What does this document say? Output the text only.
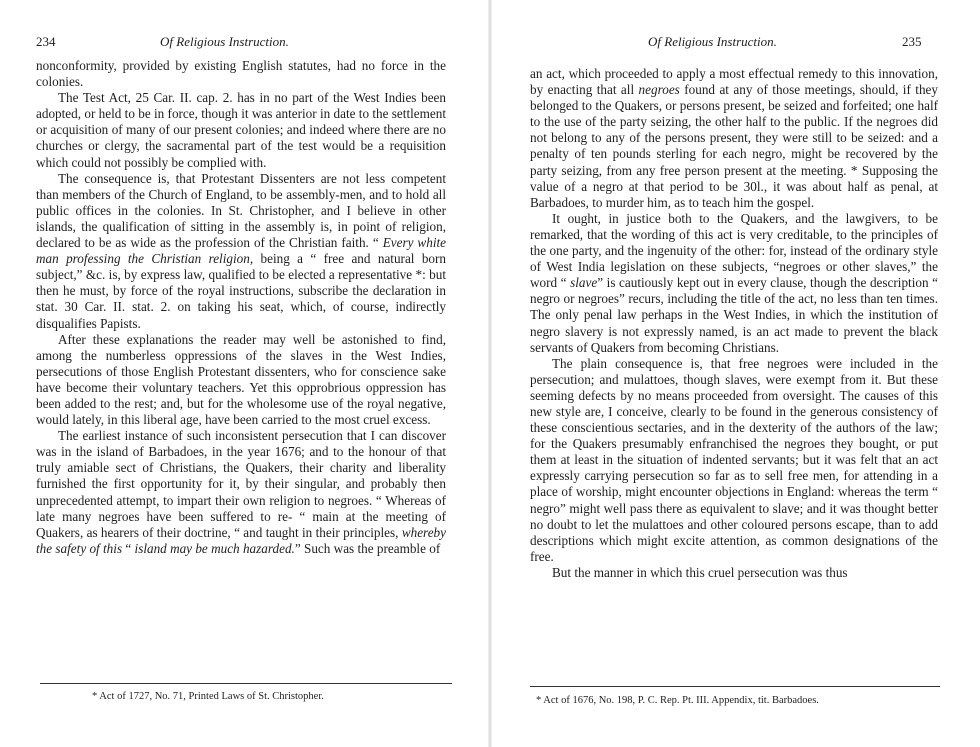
234	Of Religious Instruction.

nonconformity, provided by existing English statutes, had no force in the colonies.

The Test Act, 25 Car. II. cap. 2. has in no part of the West Indies been adopted, or held to be in force, though it was anterior in date to the settlement or acquisition of many of our present colonies; and indeed where there are no churches or clergy, the sacramental part of the test would be a requisition which could not possibly be complied with.

The consequence is, that Protestant Dissenters are not less competent than members of the Church of England, to be assembly-men, and to hold all public offices in the colonies. In St. Christopher, and I believe in other islands, the qualification of sitting in the assembly is, in point of religion, declared to be as wide as the profession of the Christian faith. “ Every white man professing the Christian religion, being a “ free and natural born subject,” &c. is, by express law, qualified to be elected a representative *: but then he must, by force of the royal instructions, subscribe the declaration in stat. 30 Car. II. stat. 2. on taking his seat, which, of course, indirectly disqualifies Papists.

After these explanations the reader may well be astonished to find, among the numberless oppressions of the slaves in the West Indies, persecutions of those English Protestant dissenters, who for conscience sake have become their voluntary teachers. Yet this opprobrious oppression has been added to the rest; and, but for the wholesome use of the royal negative, would lately, in this liberal age, have been carried to the most cruel excess.

The earliest instance of such inconsistent persecution that I can discover was in the island of Barbadoes, in the year 1676; and to the honour of that truly amiable sect of Christians, the Quakers, their charity and liberality furnished the first opportunity for it, by their singular, and probably then unprecedented attempt, to impart their own religion to negroes. “ Whereas of late many negroes have been suffered to re- “ main at the meeting of Quakers, as hearers of their doctrine, “ and taught in their principles, whereby the safety of this “ island may be much hazarded.” Such was the preamble of

* Act of 1727, No. 71, Printed Laws of St. Christopher.
Of Religious Instruction.	235

an act, which proceeded to apply a most effectual remedy to this innovation, by enacting that all negroes found at any of those meetings, should, if they belonged to the Quakers, or persons present, be seized and forfeited; one half to the use of the party seizing, the other half to the public. If the negroes did not belong to any of the persons present, they were still to be seized: and a penalty of ten pounds sterling for each negro, might be recovered by the party seizing, from any free person present at the meeting. * Supposing the value of a negro at that period to be 30l., it was about half as penal, at Barbadoes, to murder him, as to teach him the gospel.

It ought, in justice both to the Quakers, and the lawgivers, to be remarked, that the wording of this act is very creditable, to the principles of the one party, and the ingenuity of the other: for, instead of the ordinary style of West India legislation on these subjects, “negroes or other slaves,” the word “ slave” is cautiously kept out in every clause, though the description “ negro or negroes” recurs, including the title of the act, no less than ten times. The only penal law perhaps in the West Indies, in which the institution of negro slavery is not expressly named, is an act made to prevent the black servants of Quakers from becoming Christians.

The plain consequence is, that free negroes were included in the persecution; and mulattoes, though slaves, were exempt from it. But these seeming defects by no means proceeded from oversight. The causes of this new style are, I conceive, clearly to be found in the generous consistency of these conscientious sectaries, and in the dexterity of the authors of the law; for the Quakers presumably enfranchised the negroes they bought, or put them at least in the situation of indented servants; but it was felt that an act expressly carrying persecution so far as to sell free men, for attending in a place of worship, might encounter objections in England: whereas the term “ negro” might well pass there as equivalent to slave; and it was thought better no doubt to let the mulattoes and other coloured persons escape, than to add descriptions which might excite attention, as common designations of the free.

But the manner in which this cruel persecution was thus

* Act of 1676, No. 198, P. C. Rep. Pt. III. Appendix, tit. Barbadoes.
